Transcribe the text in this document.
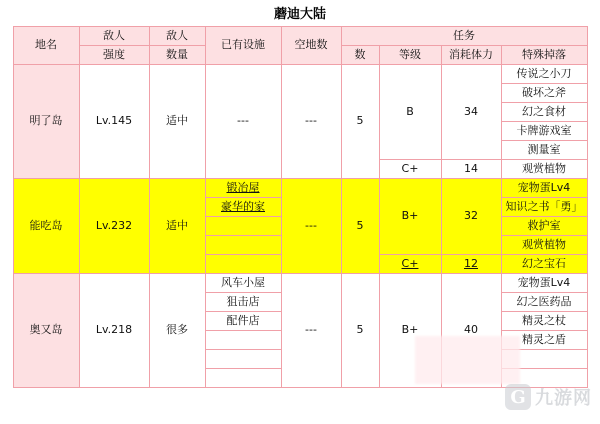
蘑迪大陆
地名	敌人	敌人	已有设施	空地数	任务			
	强度	数量			数	等级	消耗体力	特殊掉落
明了岛	Lv.145	适中	---	---	5	B	34	传说之小刀
								破坏之斧
								幻之食材
								卡牌游戏室
								测量室
						C+	14	观赏植物
能吃岛	Lv.232	适中	锻冶屋	---	5	B+	32	宠物蛋Lv4
			豪华的家					知识之书「勇」
								救护室
								观赏植物
						C+	12	幻之宝石
奥又岛	Lv.218	很多	风车小屋	---	5	B+	40	宠物蛋Lv4
			狙击店					幻之医药品
			配件店					精灵之杖
								精灵之盾

G 九游网
